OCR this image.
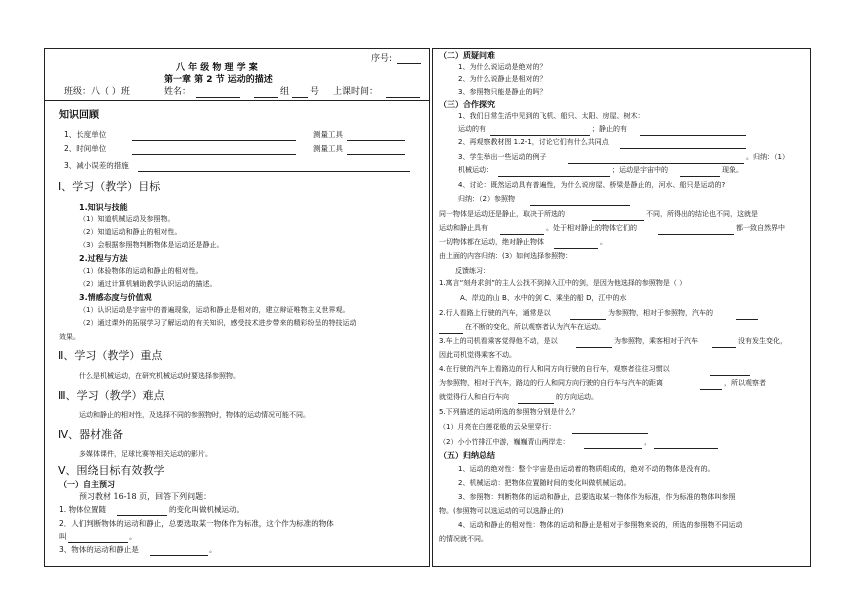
序号:
八 年 级 物 理 学 案
第一章 第 2 节 运动的描述
班级：八（ ）班	姓名：	组 号 上课时间：
知识回顾
1、长度单位	测量工具
2、时间单位	测量工具
3、减小误差的措施
Ⅰ、学习（教学）目标
1.知识与技能
（1）知道机械运动及参照物。
（2）知道运动和静止的相对性。
（3）会根据参照物判断物体是运动还是静止。
2.过程与方法
（1）体验物体的运动和静止的相对性。
（2）通过计算机辅助教学认识运动的描述。
3.情感态度与价值观
（1）认识运动是宇宙中的普遍现象，运动和静止是相对的，建立辩证唯物主义世界观。
（2）通过课外的拓展学习了解运动的有关知识，感受技术进步带来的精彩纷呈的特技运动
效果。
Ⅱ、学习（教学）重点
什么是机械运动，在研究机械运动时要选择参照物。
Ⅲ、学习（教学）难点
运动和静止的相对性，及选择不同的参照物时，物体的运动情况可能不同。
Ⅳ、器材准备
多媒体课件，足球比赛等相关运动的影片。
Ⅴ、围绕目标有效教学
（一）自主预习
预习教材 16-18 页，回答下列问题：
1. 物体位置随	的变化叫做机械运动。
2．人们判断物体的运动和静止，总要选取某一物体作为标准，这个作为标准的物体
叫	。
3、物体的运动和静止是	。
（二）质疑问难
1、为什么说运动是绝对的？
2、为什么说静止是相对的？
3、参照物只能是静止的吗？
（三）合作探究
1、我们日常生活中见到的飞机、船只、太阳、房屋、树木：
运动的有	；静止的有
2、再观察教材图 1.2-1，讨论它们有什么共同点
3、学生举出一些运动的例子	。归纳：（1）
机械运动：	；运动是宇宙中的	现象。
4、讨论：既然运动具有普遍性，为什么说房屋、桥梁是静止的，河水、船只是运动的?
归纳：（2）参照物
同一物体是运动还是静止，取决于所选的	不同，所得出的结论也不同，这就是
运动和静止具有	。处于相对静止的物体它们的	都一致自然界中
一切物体都在运动，绝对静止物体	。
由上面的内容归纳：(3）如何选择参照物：
反馈练习：
1.寓言“刻舟求剑”的主人公找不到掉入江中的剑，是因为他选择的参照物是（ ）
A、岸边的山 B、水中的剑 C、乘坐的船 D，江中的水
2.行人看路上行驶的汽车，通常是以	为参照物，相对于参照物，汽车的
在不断的变化，所以观察者认为汽车在运动。
3.车上的司机看乘客觉得他不动，是以	为参照物，乘客相对于汽车	没有发生变化，
因此司机觉得乘客不动。
4.在行驶的汽车上看路边的行人和同方向行驶的自行车，观察者往往习惯以
为参照物，相对于汽车，路边的行人和同方向行驶的自行车与汽车的距离	，所以观察者
就觉得行人和自行车向	的方向运动。
5.下列描述的运动所选的参照物分别是什么？
（1）月亮在白莲花般的云朵里穿行：
（2）小小竹排江中游，巍巍青山两岸走：	，
（五）归纳总结
1、运动的绝对性：整个宇宙是由运动着的物质组成的，绝对不动的物体是没有的。
2、机械运动：把物体位置随时间的变化叫做机械运动。
3、参照物：判断物体的运动和静止，总要选取某一物体作为标准，作为标准的物体叫参照
物。(参照物可以选运动的可以选静止的)
4、运动和静止的相对性：物体的运动和静止是相对于参照物来说的，所选的参照物不同运动
的情况就不同。
